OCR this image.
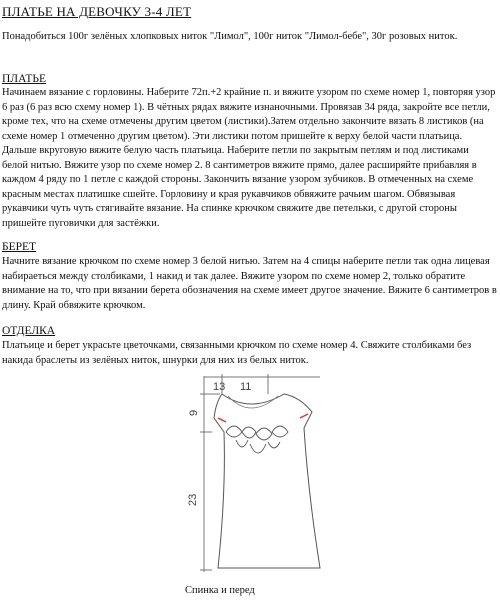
ПЛАТЬЕ НА ДЕВОЧКУ 3-4 ЛЕТ
Понадобиться 100г зелёных хлопковых ниток "Лимол", 100г ниток "Лимол-бебе", 30г розовых ниток.
ПЛАТЬЕ
Начинаем вязание с горловины. Наберите 72п.+2 крайние п. и вяжите узором по схеме номер 1, повторяя узор 6 раз (6 раз всю схему номер 1). В чётных рядах вяжите изнаночными. Провязав 34 ряда, закройте все петли, кроме тех, что на схеме отмечены другим цветом (листики).Затем отдельно закончите вязать 8 листиков (на схеме номер 1 отмеченно другим цветом). Эти листики потом пришейте к верху белой части платьица. Дальше вкруговую вяжите белую часть платьица. Наберите петли по закрытым петлям и под листиками белой нитью. Вяжите узор по схеме номер 2. 8 сантиметров вяжите прямо, далее расширяйте прибавляя в каждом 4 ряду по 1 петле с каждой стороны. Закончить вязание узором зубчиков. В отмеченных на схеме красным местах платишке сшейте. Горловину и края рукавчиков обвяжите рачьим шагом. Обвязывая рукавчики чуть чуть стягивайте вязание. На спинке крючком свяжите две петельки, с другой стороны пришейте пуговички для застёжки.
БЕРЕТ
Начните вязание крючком по схеме номер 3 белой нитью. Затем на 4 спицы наберите петли так одна лицевая набираеться между столбиками, 1 накид и так далее. Вяжите узором по схеме номер 2, только обратите внимание на то, что при вязании берета обозначения на схеме имеет другое значение. Вяжите 6 сантиметров в длину. Край обвяжите крючком.
ОТДЕЛКА
Платьице и берет украсьте цветочками, связанными крючком по схеме номер 4. Свяжите столбиками без накида браслеты из зелёных ниток, шнурки для них из белых ниток.
13 11
9
23
Спинка и перед
